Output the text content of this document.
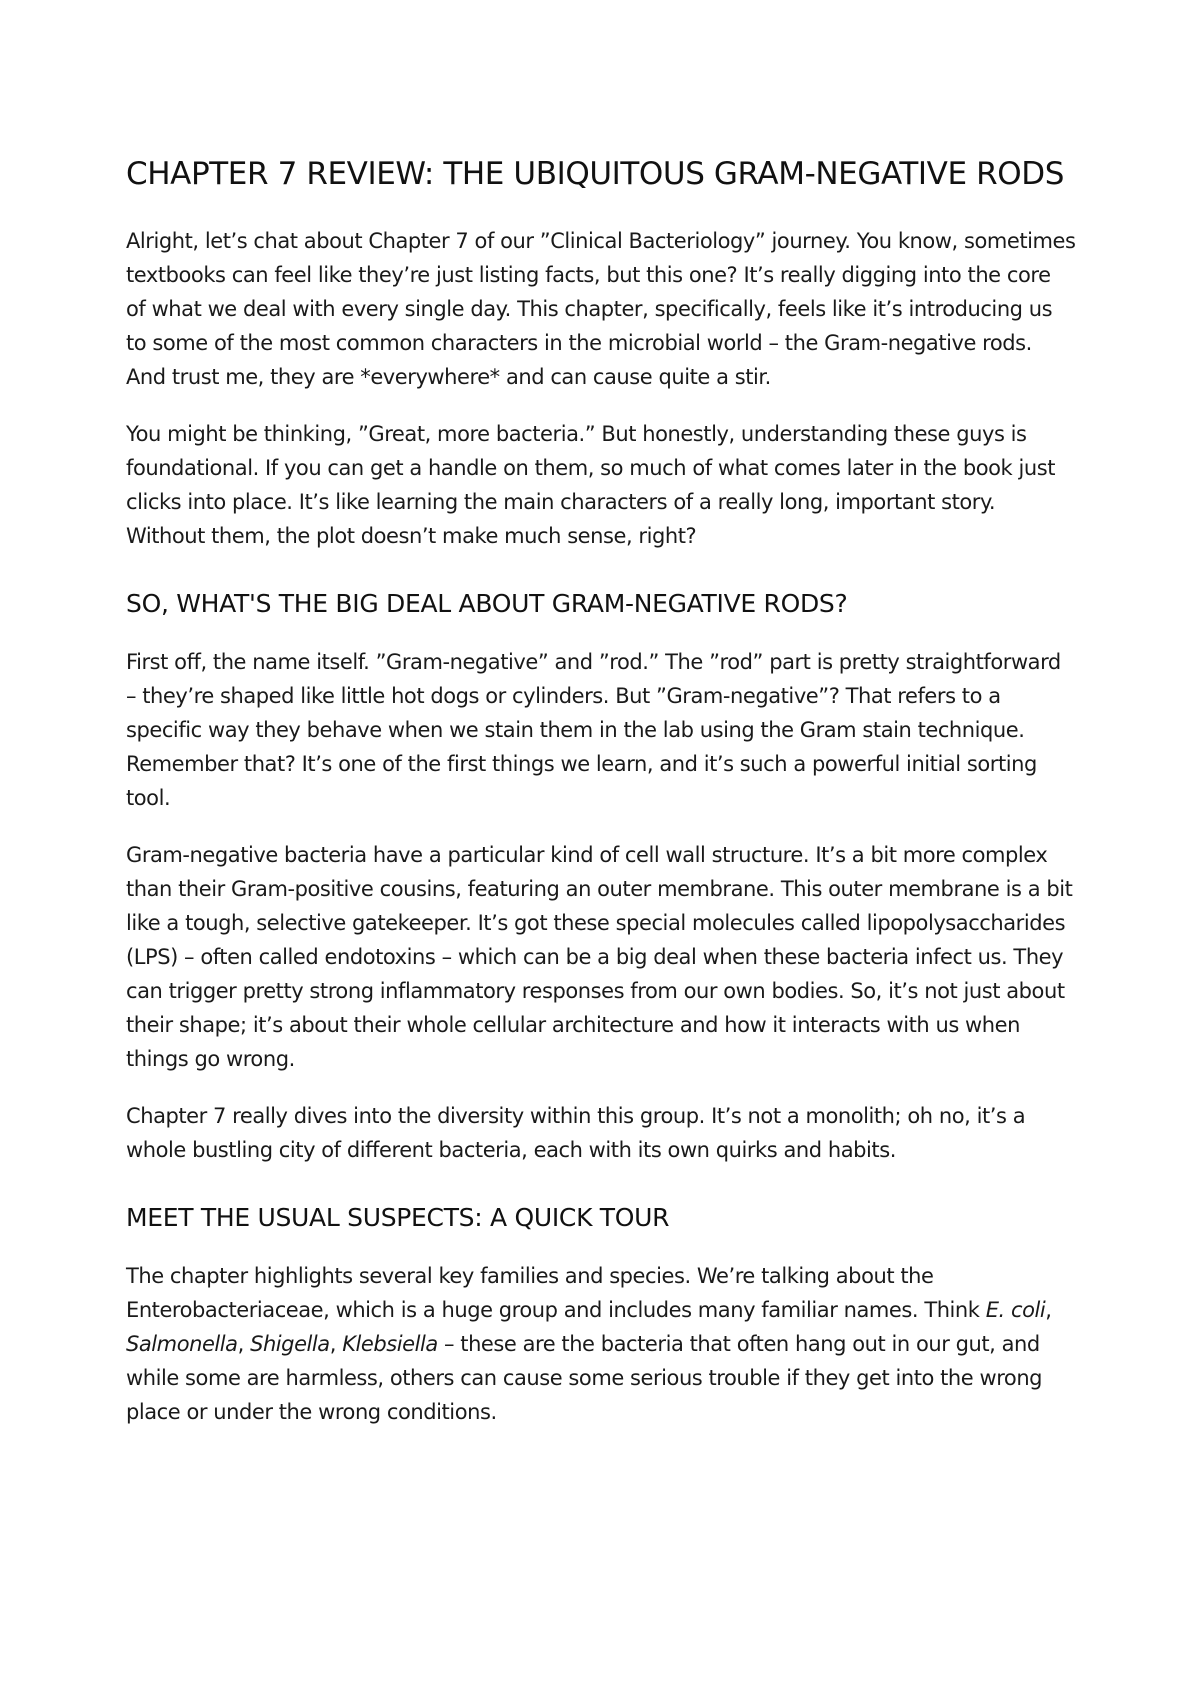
CHAPTER 7 REVIEW: THE UBIQUITOUS GRAM-NEGATIVE RODS

Alright, let’s chat about Chapter 7 of our ”Clinical Bacteriology” journey. You know, sometimes textbooks can feel like they’re just listing facts, but this one? It’s really digging into the core of what we deal with every single day. This chapter, specifically, feels like it’s introducing us to some of the most common characters in the microbial world – the Gram-negative rods. And trust me, they are *everywhere* and can cause quite a stir.

You might be thinking, ”Great, more bacteria.” But honestly, understanding these guys is foundational. If you can get a handle on them, so much of what comes later in the book just clicks into place. It’s like learning the main characters of a really long, important story. Without them, the plot doesn’t make much sense, right?

SO, WHAT'S THE BIG DEAL ABOUT GRAM-NEGATIVE RODS?

First off, the name itself. ”Gram-negative” and ”rod.” The ”rod” part is pretty straightforward – they’re shaped like little hot dogs or cylinders. But ”Gram-negative”? That refers to a specific way they behave when we stain them in the lab using the Gram stain technique. Remember that? It’s one of the first things we learn, and it’s such a powerful initial sorting tool.

Gram-negative bacteria have a particular kind of cell wall structure. It’s a bit more complex than their Gram-positive cousins, featuring an outer membrane. This outer membrane is a bit like a tough, selective gatekeeper. It’s got these special molecules called lipopolysaccharides (LPS) – often called endotoxins – which can be a big deal when these bacteria infect us. They can trigger pretty strong inflammatory responses from our own bodies. So, it’s not just about their shape; it’s about their whole cellular architecture and how it interacts with us when things go wrong.

Chapter 7 really dives into the diversity within this group. It’s not a monolith; oh no, it’s a whole bustling city of different bacteria, each with its own quirks and habits.

MEET THE USUAL SUSPECTS: A QUICK TOUR

The chapter highlights several key families and species. We’re talking about the Enterobacteriaceae, which is a huge group and includes many familiar names. Think E. coli, Salmonella, Shigella, Klebsiella – these are the bacteria that often hang out in our gut, and while some are harmless, others can cause some serious trouble if they get into the wrong place or under the wrong conditions.
